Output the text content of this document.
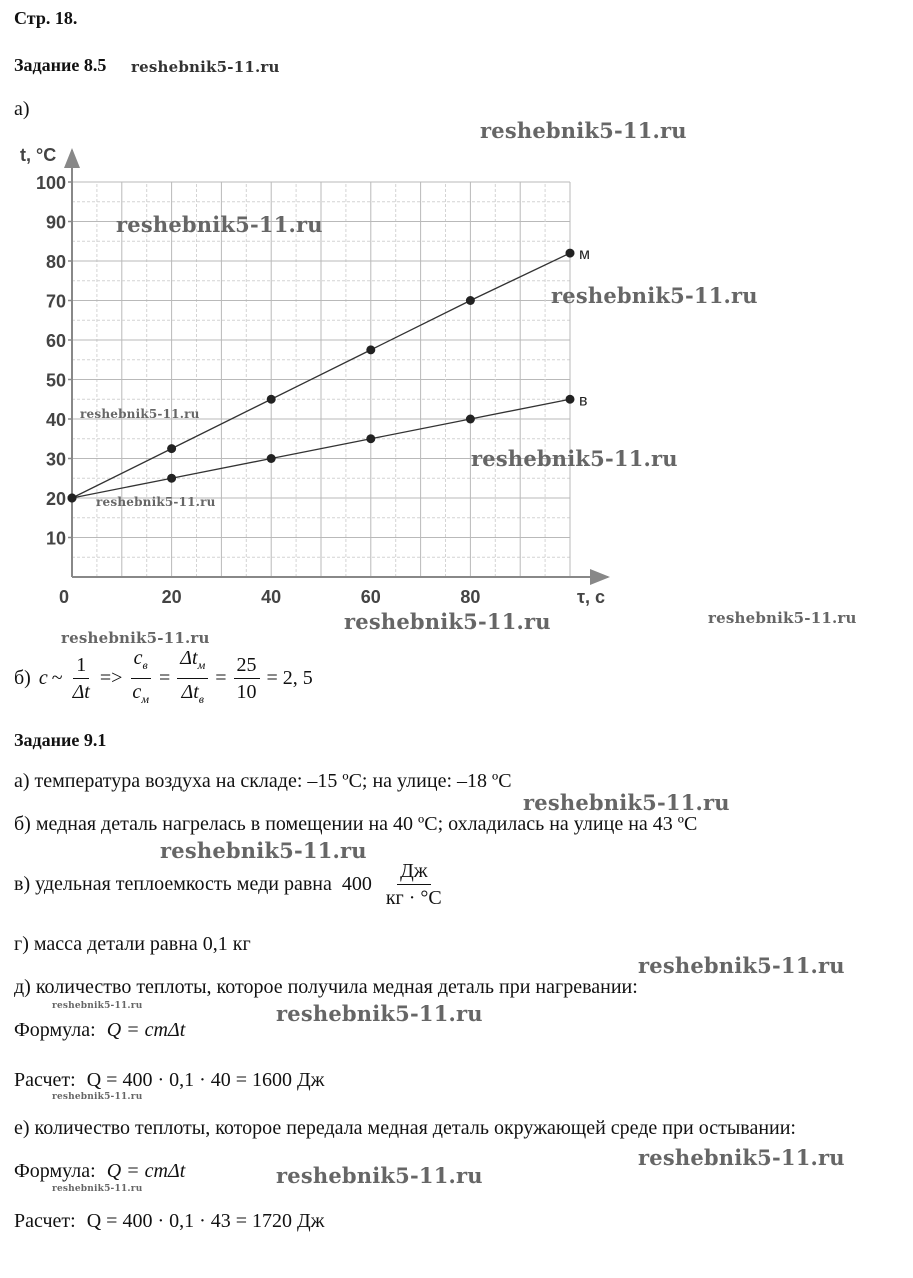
Стр. 18.
Задание 8.5 reshebnik5-11.ru
а)
10
20
30
40
50
60
70
80
90
100
20	40	60	80
0
t, °C
τ, с
м
в
reshebnik5-11.ru
reshebnik5-11.ru
reshebnik5-11.ru
reshebnik5-11.ru
reshebnik5-11.ru
reshebnik5-11.ru
reshebnik5-11.ru	reshebnik5-11.ru
reshebnik5-11.ru
б) c ~ $\frac{1}{\Delta t} => \frac{c_в}{c_м} = \frac{\Delta t_м}{\Delta t_в} = \frac{25}{10} = 2$, 5
Задание 9.1
а) температура воздуха на складе: –15 ºC; на улице: –18 ºC
reshebnik5-11.ru
б) медная деталь нагрелась в помещении на 40 ºC; охладилась на улице на 43 ºC
reshebnik5-11.ru
в) удельная теплоемкость меди равна $400 \frac{Дж}{кг \cdot ^\circ C}$
г) масса детали равна 0,1 кг
reshebnik5-11.ru
д) количество теплоты, которое получила медная деталь при нагревании:
reshebnik5-11.ru
Формула: Q = cmΔt
reshebnik5-11.ru
Расчет: Q = 400 · 0,1 · 40 = 1600 Дж
reshebnik5-11.ru
е) количество теплоты, которое передала медная деталь окружающей среде при остывании:
reshebnik5-11.ru
Формула: Q = cmΔt
reshebnik5-11.ru
reshebnik5-11.ru
Расчет: Q = 400 · 0,1 · 43 = 1720 Дж
